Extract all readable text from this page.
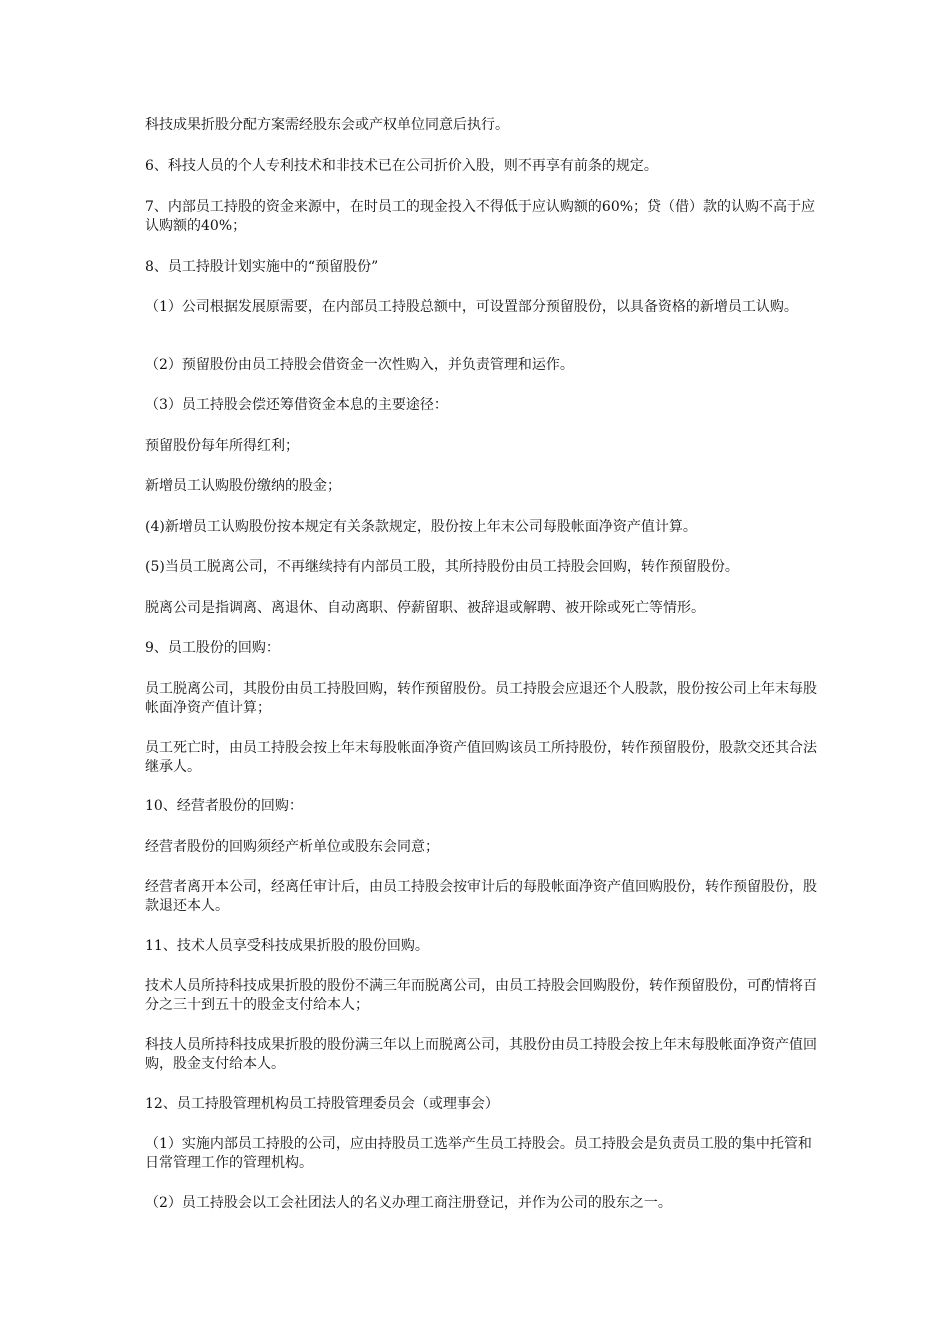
科技成果折股分配方案需经股东会或产权单位同意后执行。

6、科技人员的个人专利技术和非技术已在公司折价入股，则不再享有前条的规定。

7、内部员工持股的资金来源中，在时员工的现金投入不得低于应认购额的60%；贷（借）款的认购不高于应认购额的40%；

8、员工持股计划实施中的“预留股份”

（1）公司根据发展原需要，在内部员工持股总额中，可设置部分预留股份，以具备资格的新增员工认购。

（2）预留股份由员工持股会借资金一次性购入，并负责管理和运作。

（3）员工持股会偿还筹借资金本息的主要途径：

预留股份每年所得红利；

新增员工认购股份缴纳的股金；

(4)新增员工认购股份按本规定有关条款规定，股份按上年末公司每股帐面净资产值计算。

(5)当员工脱离公司，不再继续持有内部员工股，其所持股份由员工持股会回购，转作预留股份。

脱离公司是指调离、离退休、自动离职、停薪留职、被辞退或解聘、被开除或死亡等情形。

9、员工股份的回购：

员工脱离公司，其股份由员工持股回购，转作预留股份。员工持股会应退还个人股款，股份按公司上年末每股帐面净资产值计算；

员工死亡时，由员工持股会按上年末每股帐面净资产值回购该员工所持股份，转作预留股份，股款交还其合法继承人。

10、经营者股份的回购：

经营者股份的回购须经产析单位或股东会同意；

经营者离开本公司，经离任审计后，由员工持股会按审计后的每股帐面净资产值回购股份，转作预留股份，股款退还本人。

11、技术人员享受科技成果折股的股份回购。

技术人员所持科技成果折股的股份不满三年而脱离公司，由员工持股会回购股份，转作预留股份，可酌情将百分之三十到五十的股金支付给本人；

科技人员所持科技成果折股的股份满三年以上而脱离公司，其股份由员工持股会按上年末每股帐面净资产值回购，股金支付给本人。

12、员工持股管理机构员工持股管理委员会（或理事会）

（1）实施内部员工持股的公司，应由持股员工选举产生员工持股会。员工持股会是负责员工股的集中托管和日常管理工作的管理机构。

（2）员工持股会以工会社团法人的名义办理工商注册登记，并作为公司的股东之一。
